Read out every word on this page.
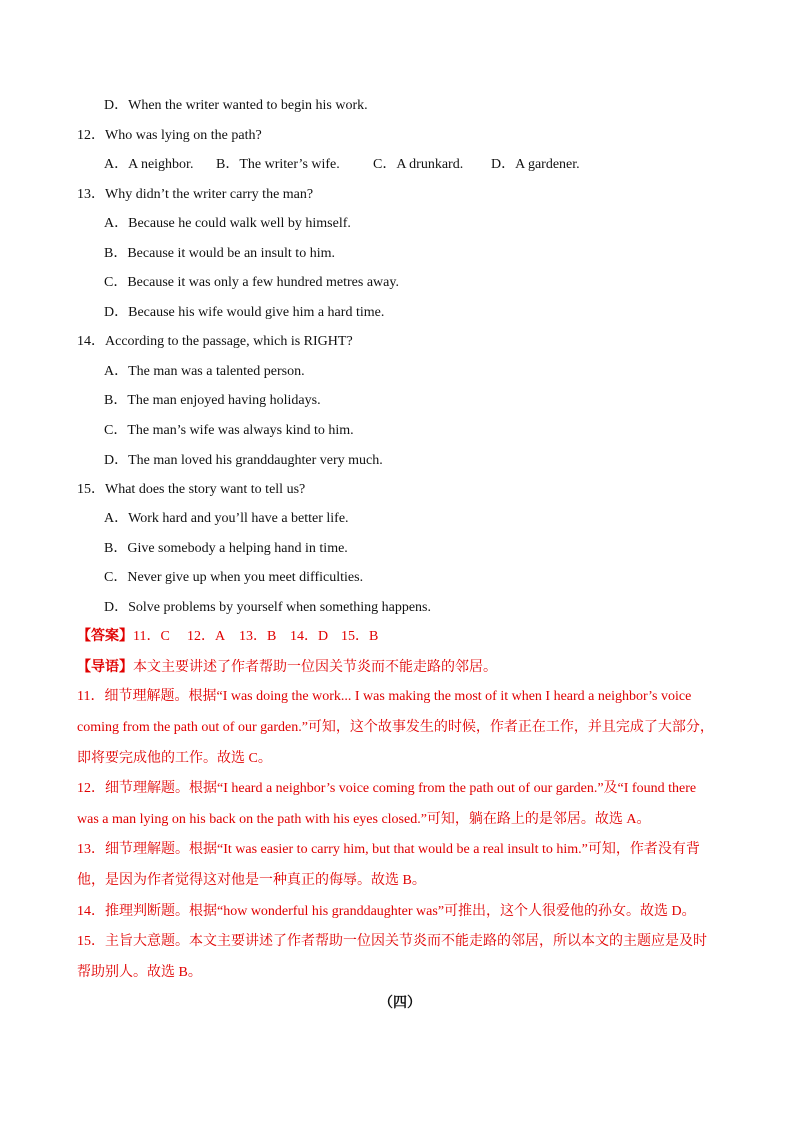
D．When the writer wanted to begin his work.
12．Who was lying on the path?
A．A neighbor. B．The writer’s wife. C．A drunkard. D．A gardener.
13．Why didn’t the writer carry the man?
A．Because he could walk well by himself.
B．Because it would be an insult to him.
C．Because it was only a few hundred metres away.
D．Because his wife would give him a hard time.
14．According to the passage, which is RIGHT?
A．The man was a talented person.
B．The man enjoyed having holidays.
C．The man’s wife was always kind to him.
D．The man loved his granddaughter very much.
15．What does the story want to tell us?
A．Work hard and you’ll have a better life.
B．Give somebody a helping hand in time.
C．Never give up when you meet difficulties.
D．Solve problems by yourself when something happens.
【答案】11．C 12．A 13．B 14．D 15．B
【导语】本文主要讲述了作者帮助一位因关节炎而不能走路的邻居。
11．细节理解题。根据“I was doing the work... I was making the most of it when I heard a neighbor’s voice
coming from the path out of our garden.”可知，这个故事发生的时候，作者正在工作，并且完成了大部分，
即将要完成他的工作。故选 C。
12．细节理解题。根据“I heard a neighbor’s voice coming from the path out of our garden.”及“I found there
was a man lying on his back on the path with his eyes closed.”可知，躺在路上的是邻居。故选 A。
13．细节理解题。根据“It was easier to carry him, but that would be a real insult to him.”可知，作者没有背
他，是因为作者觉得这对他是一种真正的侮辱。故选 B。
14．推理判断题。根据“how wonderful his granddaughter was”可推出，这个人很爱他的孙女。故选 D。
15．主旨大意题。本文主要讲述了作者帮助一位因关节炎而不能走路的邻居，所以本文的主题应是及时
帮助别人。故选 B。
（四）
